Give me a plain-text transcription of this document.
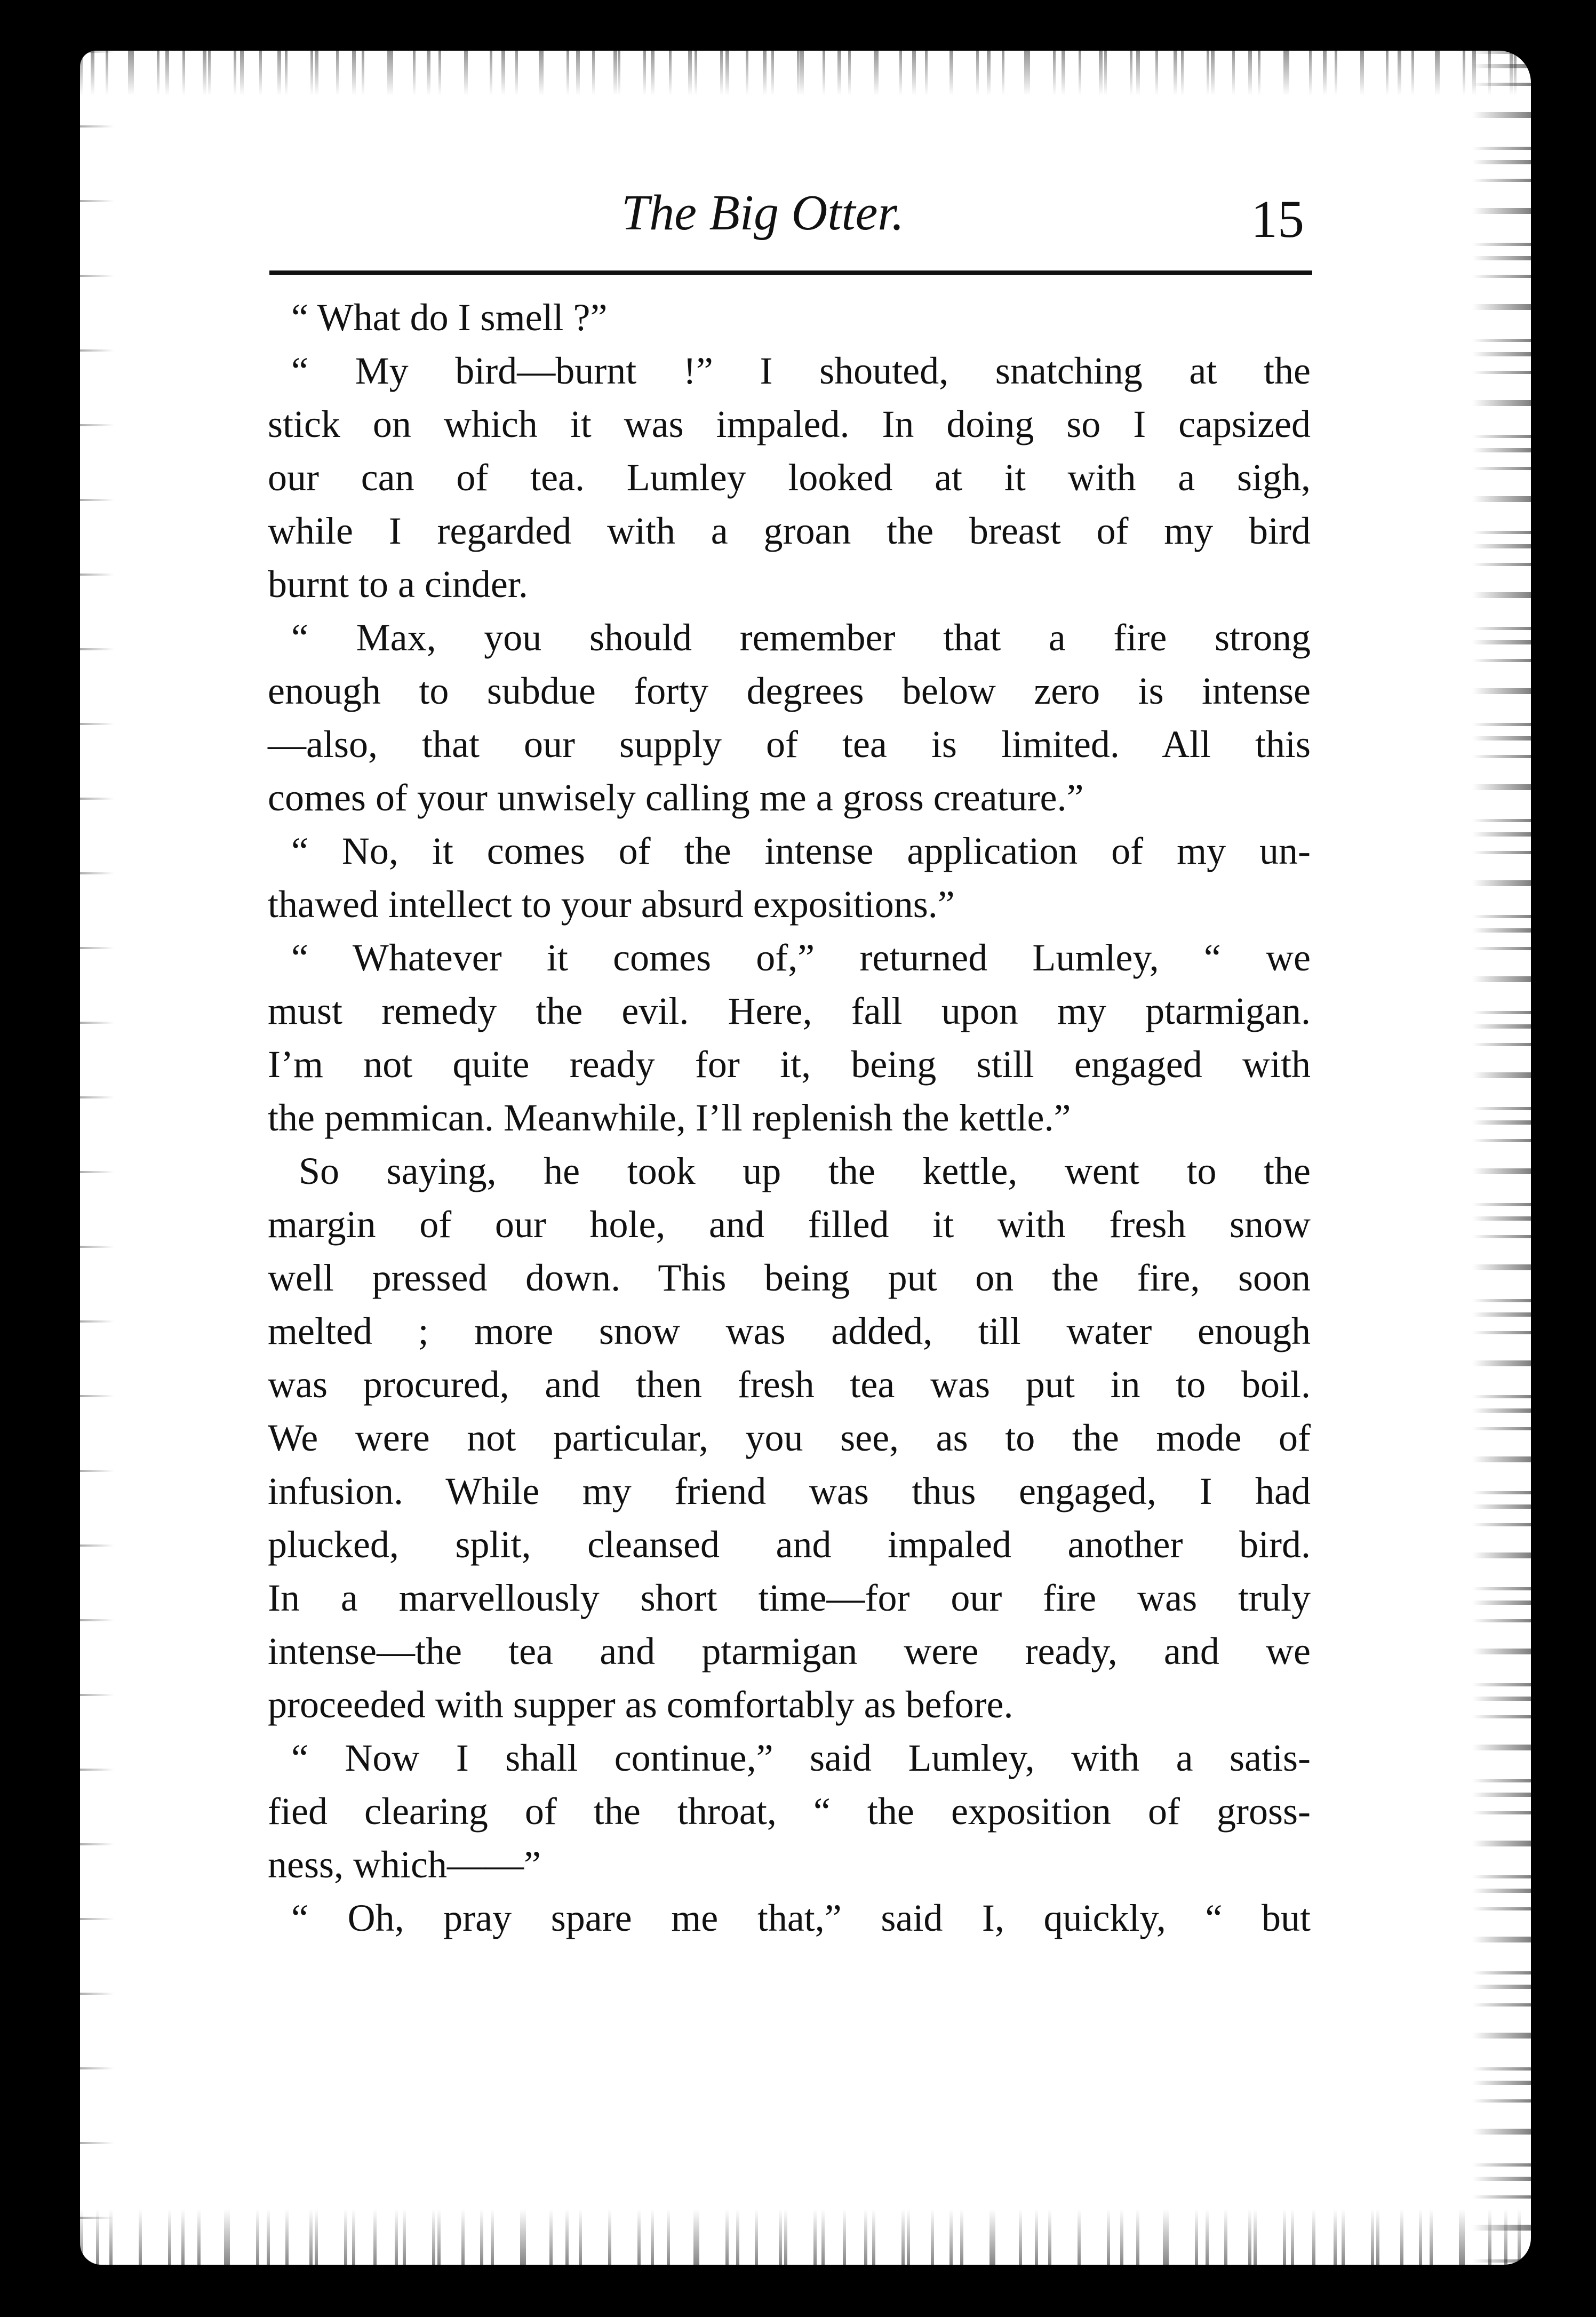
The Big Otter.	15
“ What do I smell ?”
“ My bird—burnt !” I shouted, snatching at the
stick on which it was impaled. In doing so I capsized
our can of tea. Lumley looked at it with a sigh,
while I regarded with a groan the breast of my bird
burnt to a cinder.
“ Max, you should remember that a fire strong
enough to subdue forty degrees below zero is intense
—also, that our supply of tea is limited. All this
comes of your unwisely calling me a gross creature.”
“ No, it comes of the intense application of my un-
thawed intellect to your absurd expositions.”
“ Whatever it comes of,” returned Lumley, “ we
must remedy the evil. Here, fall upon my ptarmigan.
I’m not quite ready for it, being still engaged with
the pemmican. Meanwhile, I’ll replenish the kettle.”
So saying, he took up the kettle, went to the
margin of our hole, and filled it with fresh snow
well pressed down. This being put on the fire, soon
melted ; more snow was added, till water enough
was procured, and then fresh tea was put in to boil.
We were not particular, you see, as to the mode of
infusion. While my friend was thus engaged, I had
plucked, split, cleansed and impaled another bird.
In a marvellously short time—for our fire was truly
intense—the tea and ptarmigan were ready, and we
proceeded with supper as comfortably as before.
“ Now I shall continue,” said Lumley, with a satis-
fied clearing of the throat, “ the exposition of gross-
ness, which——”
“ Oh, pray spare me that,” said I, quickly, “ but
